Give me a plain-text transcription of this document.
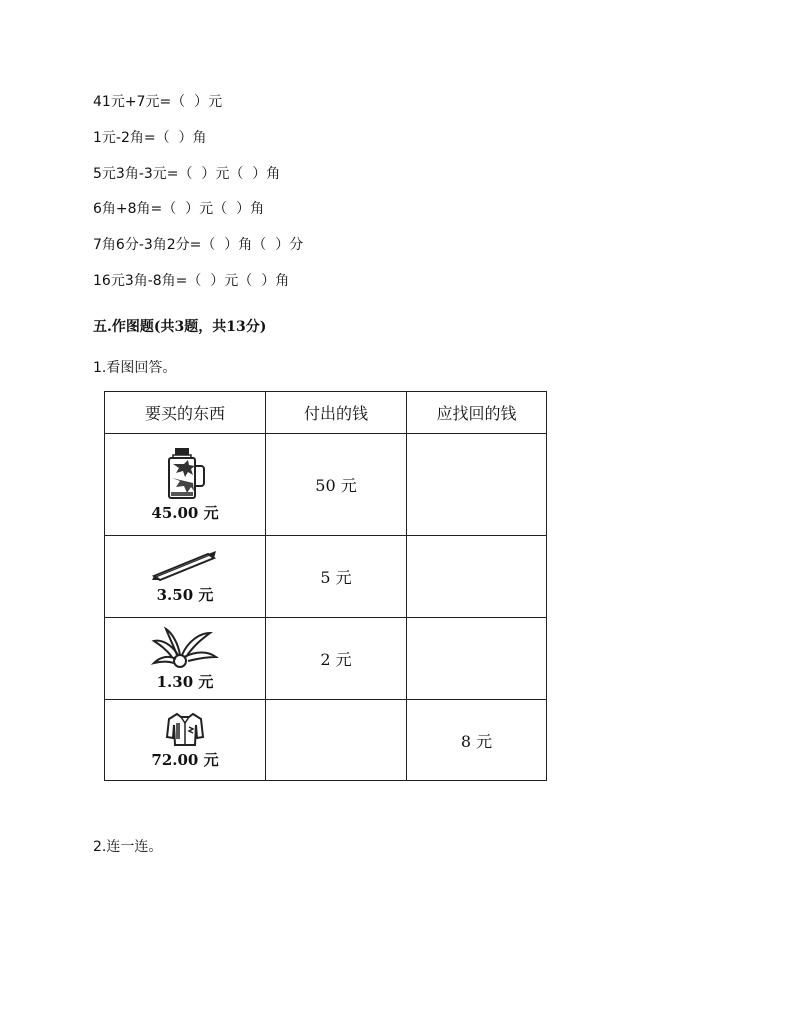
41元+7元=（  ）元
1元-2角=（  ）角
5元3角-3元=（  ）元（  ）角
6角+8角=（  ）元（  ）角
7角6分-3角2分=（  ）角（  ）分
16元3角-8角=（  ）元（  ）角
五.作图题(共3题，共13分)
1.看图回答。
要买的东西	付出的钱	应找回的钱

45.00 元	50 元	

3.50 元	5 元	

1.30 元	2 元	

72.00 元		8 元
2.连一连。
